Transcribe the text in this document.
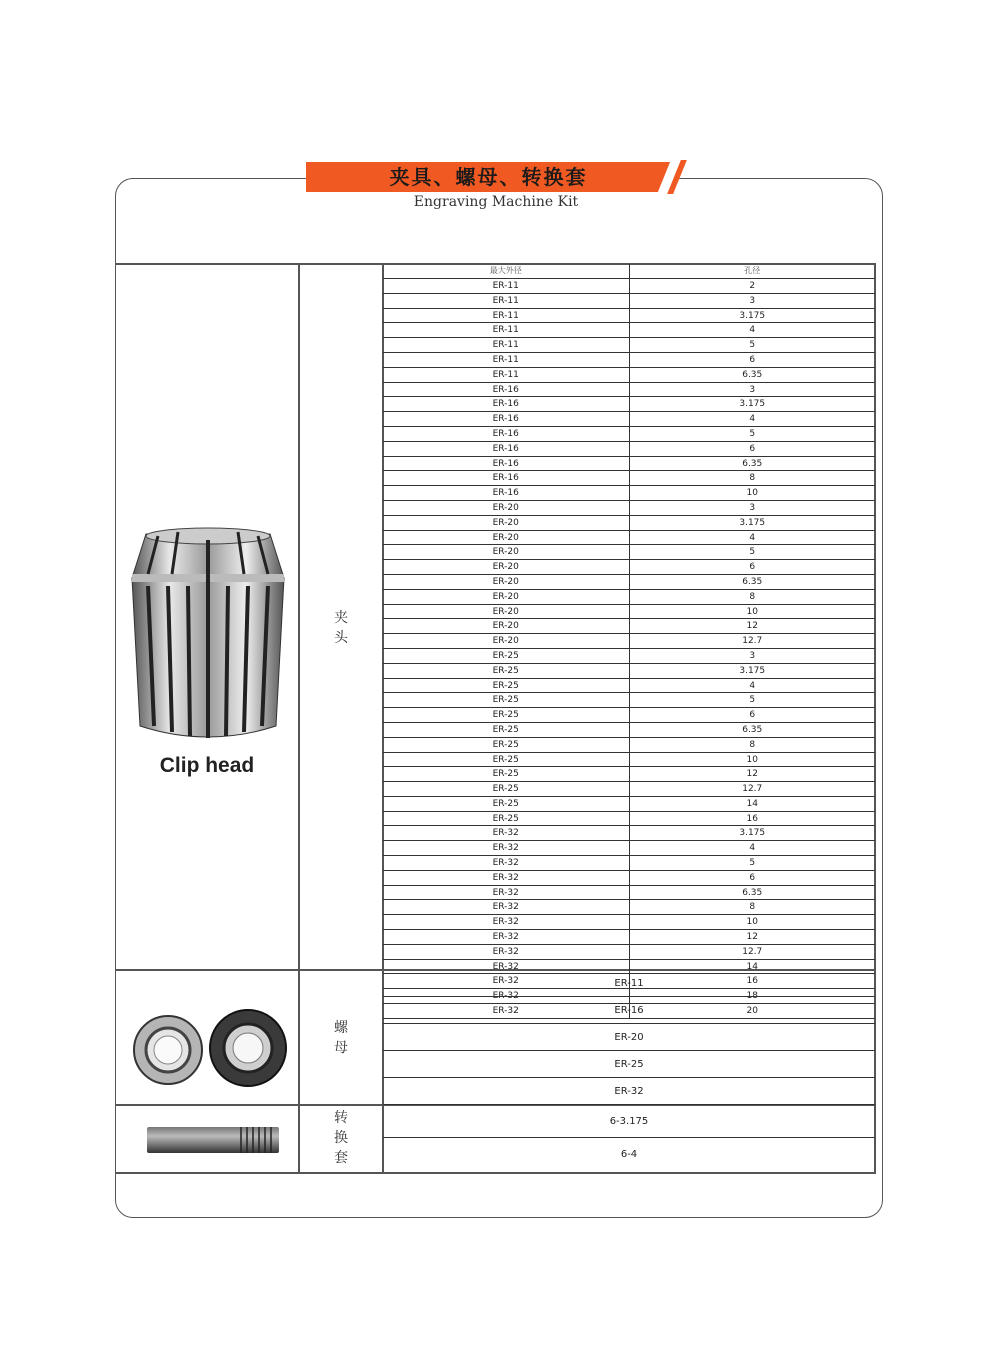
夹具、螺母、转换套
Engraving Machine Kit
夹
头
螺
母
转
换
套
Clip head
最大外径	孔径
ER-11	2
ER-11	3
ER-11	3.175
ER-11	4
ER-11	5
ER-11	6
ER-11	6.35
ER-16	3
ER-16	3.175
ER-16	4
ER-16	5
ER-16	6
ER-16	6.35
ER-16	8
ER-16	10
ER-20	3
ER-20	3.175
ER-20	4
ER-20	5
ER-20	6
ER-20	6.35
ER-20	8
ER-20	10
ER-20	12
ER-20	12.7
ER-25	3
ER-25	3.175
ER-25	4
ER-25	5
ER-25	6
ER-25	6.35
ER-25	8
ER-25	10
ER-25	12
ER-25	12.7
ER-25	14
ER-25	16
ER-32	3.175
ER-32	4
ER-32	5
ER-32	6
ER-32	6.35
ER-32	8
ER-32	10
ER-32	12
ER-32	12.7
ER-32	14
ER-32	16
ER-32	18
ER-32	20
ER-11
ER-16
ER-20
ER-25
ER-32
6-3.175
6-4
